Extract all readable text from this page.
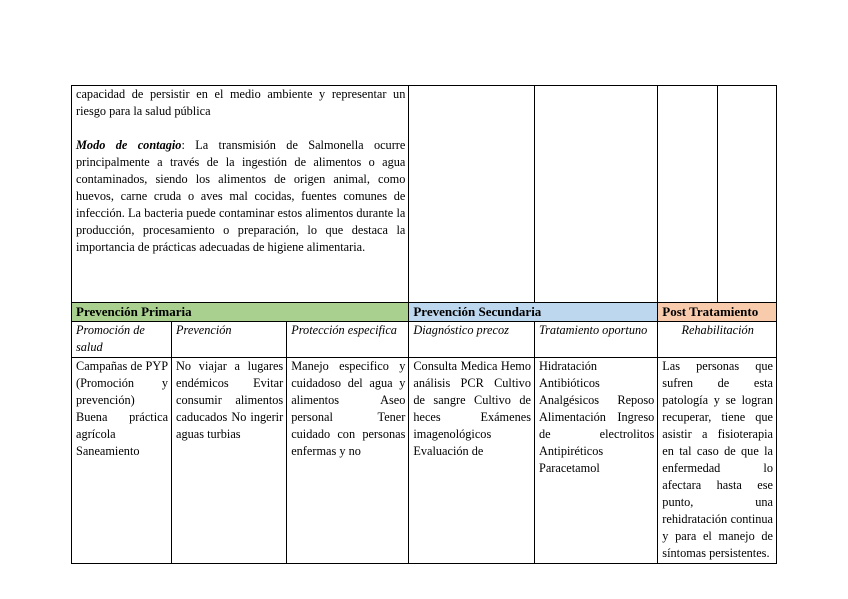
capacidad de persistir en el medio ambiente y representar un riesgo para la salud pública
Modo de contagio: La transmisión de Salmonella ocurre principalmente a través de la ingestión de alimentos o agua contaminados, siendo los alimentos de origen animal, como huevos, carne cruda o aves mal cocidas, fuentes comunes de infección. La bacteria puede contaminar estos alimentos durante la producción, procesamiento o preparación, lo que destaca la importancia de prácticas adecuadas de higiene alimentaria.					

Prevención Primaria			Prevención Secundaria		Post Tratamiento
Promoción de salud	Prevención	Protección especifica	Diagnóstico precoz	Tratamiento oportuno	Rehabilitación
Campañas de PYP (Promoción y prevención) Buena práctica agrícola Saneamiento	No viajar a lugares endémicos Evitar consumir alimentos caducados No ingerir aguas turbias	Manejo especifico y cuidadoso del agua y alimentos Aseo personal Tener cuidado con personas enfermas y no	Consulta Medica Hemo análisis PCR Cultivo de sangre Cultivo de heces Exámenes imagenológicos Evaluación de	Hidratación Antibióticos Analgésicos Reposo Alimentación Ingreso de electrolitos Antipiréticos Paracetamol	Las personas que sufren de esta patología y se logran recuperar, tiene que asistir a fisioterapia en tal caso de que la enfermedad lo afectara hasta ese punto, una rehidratación continua y para el manejo de síntomas persistentes.
